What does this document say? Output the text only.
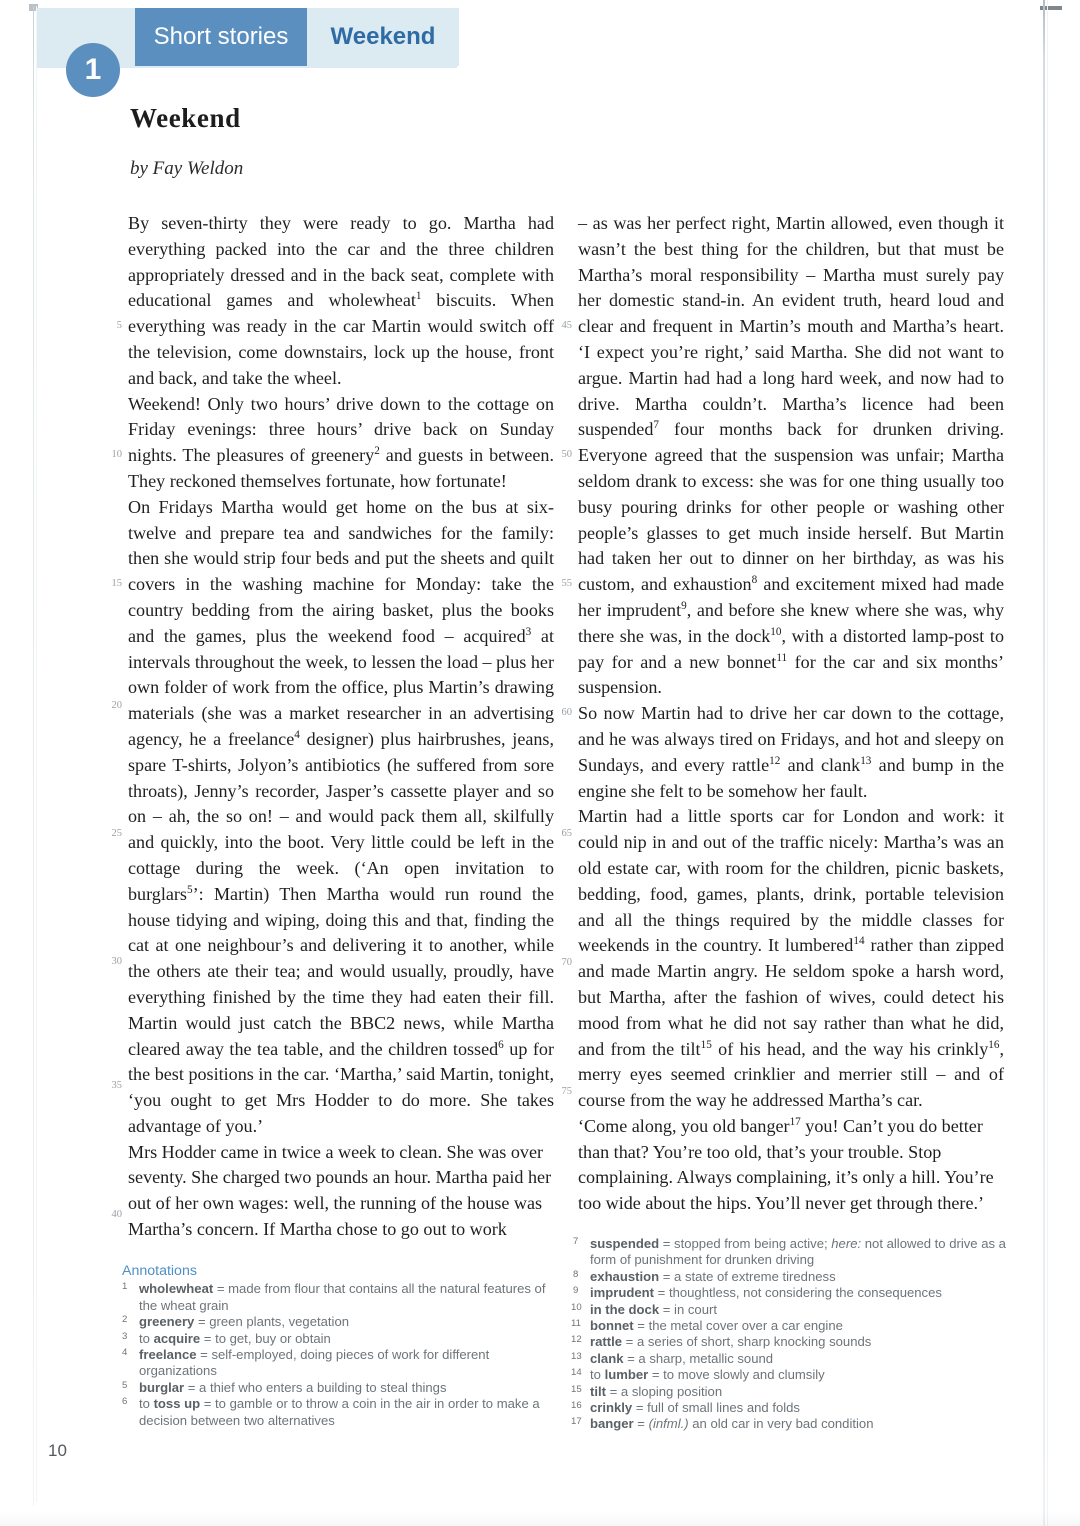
Short stories	Weekend
1
Weekend
by Fay Weldon
5
10
15
20
25
30
35
40
45
50
55
60
65
70
75

By seven-thirty they were ready to go. Martha had everything packed into the car and the three children appropriately dressed and in the back seat, complete with educational games and wholewheat$^1$ biscuits. When everything was ready in the car Martin would switch off the television, come downstairs, lock up the house, front and back, and take the wheel.

Weekend! Only two hours’ drive down to the cottage on Friday evenings: three hours’ drive back on Sunday nights. The pleasures of greenery$^2$ and guests in between. They reckoned themselves fortunate, how fortunate!

On Fridays Martha would get home on the bus at six-twelve and prepare tea and sandwiches for the family: then she would strip four beds and put the sheets and quilt covers in the washing machine for Monday: take the country bedding from the airing basket, plus the books and the games, plus the weekend food – acquired$^3$ at intervals throughout the week, to lessen the load – plus her own folder of work from the office, plus Martin’s drawing materials (she was a market researcher in an advertising agency, he a freelance$^4$ designer) plus hairbrushes, jeans, spare T-shirts, Jolyon’s antibiotics (he suffered from sore throats), Jenny’s recorder, Jasper’s cassette player and so on – ah, the so on! – and would pack them all, skilfully and quickly, into the boot. Very little could be left in the cottage during the week. (‘An open invitation to burglars$^5$’: Martin) Then Martha would run round the house tidying and wiping, doing this and that, finding the cat at one neighbour’s and delivering it to another, while the others ate their tea; and would usually, proudly, have everything finished by the time they had eaten their fill. Martin would just catch the BBC2 news, while Martha cleared away the tea table, and the children tossed$^6$ up for the best positions in the car. ‘Martha,’ said Martin, tonight, ‘you ought to get Mrs Hodder to do more. She takes advantage of you.’

Mrs Hodder came in twice a week to clean. She was over seventy. She charged two pounds an hour. Martha paid her out of her own wages: well, the running of the house was Martha’s concern. If Martha chose to go out to work

– as was her perfect right, Martin allowed, even though it wasn’t the best thing for the children, but that must be Martha’s moral responsibility – Martha must surely pay her domestic stand-in. An evident truth, heard loud and clear and frequent in Martin’s mouth and Martha’s heart. ‘I expect you’re right,’ said Martha. She did not want to argue. Martin had had a long hard week, and now had to drive. Martha couldn’t. Martha’s licence had been suspended$^7$ four months back for drunken driving. Everyone agreed that the suspension was unfair; Martha seldom drank to excess: she was for one thing usually too busy pouring drinks for other people or washing other people’s glasses to get much inside herself. But Martin had taken her out to dinner on her birthday, as was his custom, and exhaustion$^8$ and excitement mixed had made her imprudent$^9$, and before she knew where she was, why there she was, in the dock$^{10}$, with a distorted lamp-post to pay for and a new bonnet$^{11}$ for the car and six months’ suspension.

So now Martin had to drive her car down to the cottage, and he was always tired on Fridays, and hot and sleepy on Sundays, and every rattle$^{12}$ and clank$^{13}$ and bump in the engine she felt to be somehow her fault.

Martin had a little sports car for London and work: it could nip in and out of the traffic nicely: Martha’s was an old estate car, with room for the children, picnic baskets, bedding, food, games, plants, drink, portable television and all the things required by the middle classes for weekends in the country. It lumbered$^{14}$ rather than zipped and made Martin angry. He seldom spoke a harsh word, but Martha, after the fashion of wives, could detect his mood from what he did not say rather than what he did, and from the tilt$^{15}$ of his head, and the way his crinkly$^{16}$, merry eyes seemed crinklier and merrier still – and of course from the way he addressed Martha’s car.

‘Come along, you old banger$^{17}$ you! Can’t you do better than that? You’re too old, that’s your trouble. Stop complaining. Always complaining, it’s only a hill. You’re too wide about the hips. You’ll never get through there.’

Annotations
1 wholewheat = made from flour that contains all the natural features of the wheat grain
2 greenery = green plants, vegetation
3 to acquire = to get, buy or obtain
4 freelance = self-employed, doing pieces of work for different organizations
5 burglar = a thief who enters a building to steal things
6 to toss up = to gamble or to throw a coin in the air in order to make a decision between two alternatives
7 suspended = stopped from being active; here: not allowed to drive as a form of punishment for drunken driving
8 exhaustion = a state of extreme tiredness
9 imprudent = thoughtless, not considering the consequences
10 in the dock = in court
11 bonnet = the metal cover over a car engine
12 rattle = a series of short, sharp knocking sounds
13 clank = a sharp, metallic sound
14 to lumber = to move slowly and clumsily
15 tilt = a sloping position
16 crinkly = full of small lines and folds
17 banger = (infml.) an old car in very bad condition
10
